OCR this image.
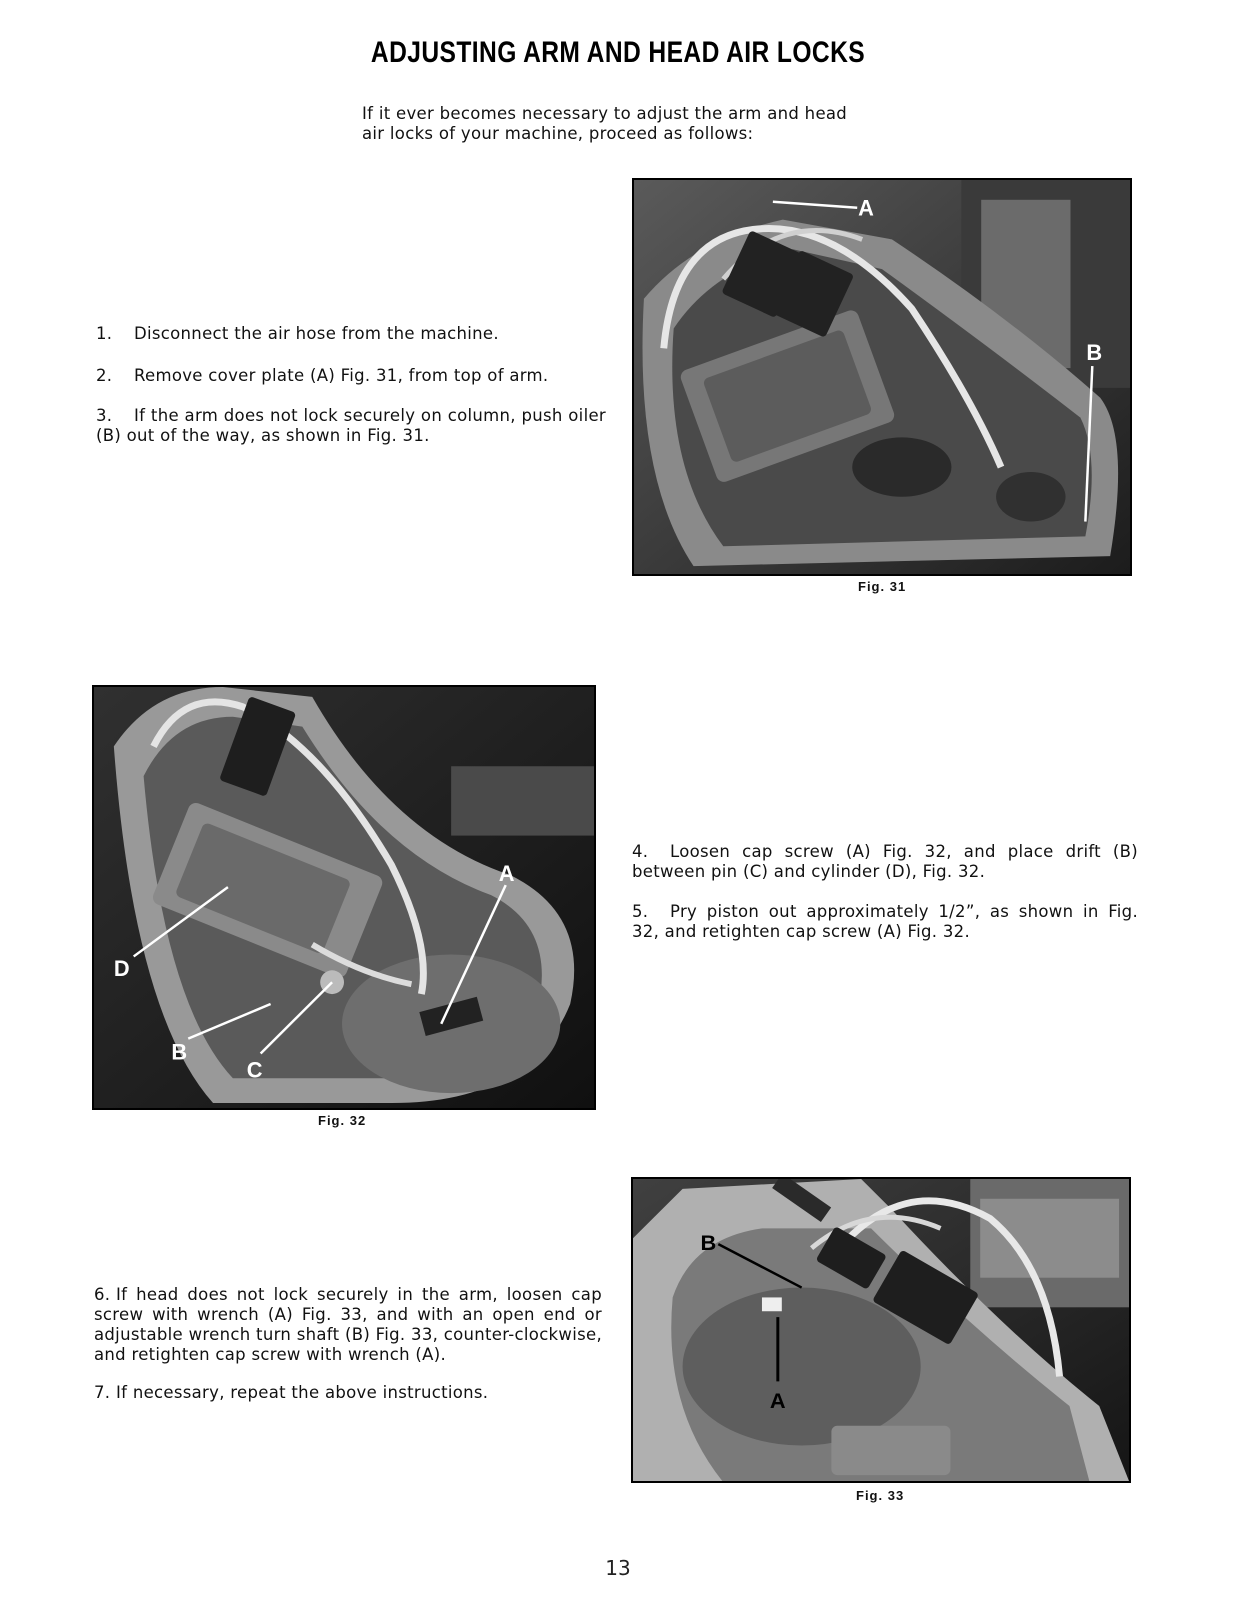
ADJUSTING ARM AND HEAD AIR LOCKS
If it ever becomes necessary to adjust the arm and head
air locks of your machine, proceed as follows:
1. Disconnect the air hose from the machine.
2. Remove cover plate (A) Fig. 31, from top of arm.
3. If the arm does not lock securely on column, push oiler (B) out of the way, as shown in Fig. 31.
A
B
Fig. 31
A
D
B
C
Fig. 32
4. Loosen cap screw (A) Fig. 32, and place drift (B) between pin (C) and cylinder (D), Fig. 32.
5. Pry piston out approximately 1/2”, as shown in Fig. 32, and retighten cap screw (A) Fig. 32.
6. If head does not lock securely in the arm, loosen cap screw with wrench (A) Fig. 33, and with an open end or adjustable wrench turn shaft (B) Fig. 33, counter-clockwise, and retighten cap screw with wrench (A).
7. If necessary, repeat the above instructions.
B
A
Fig. 33
13
